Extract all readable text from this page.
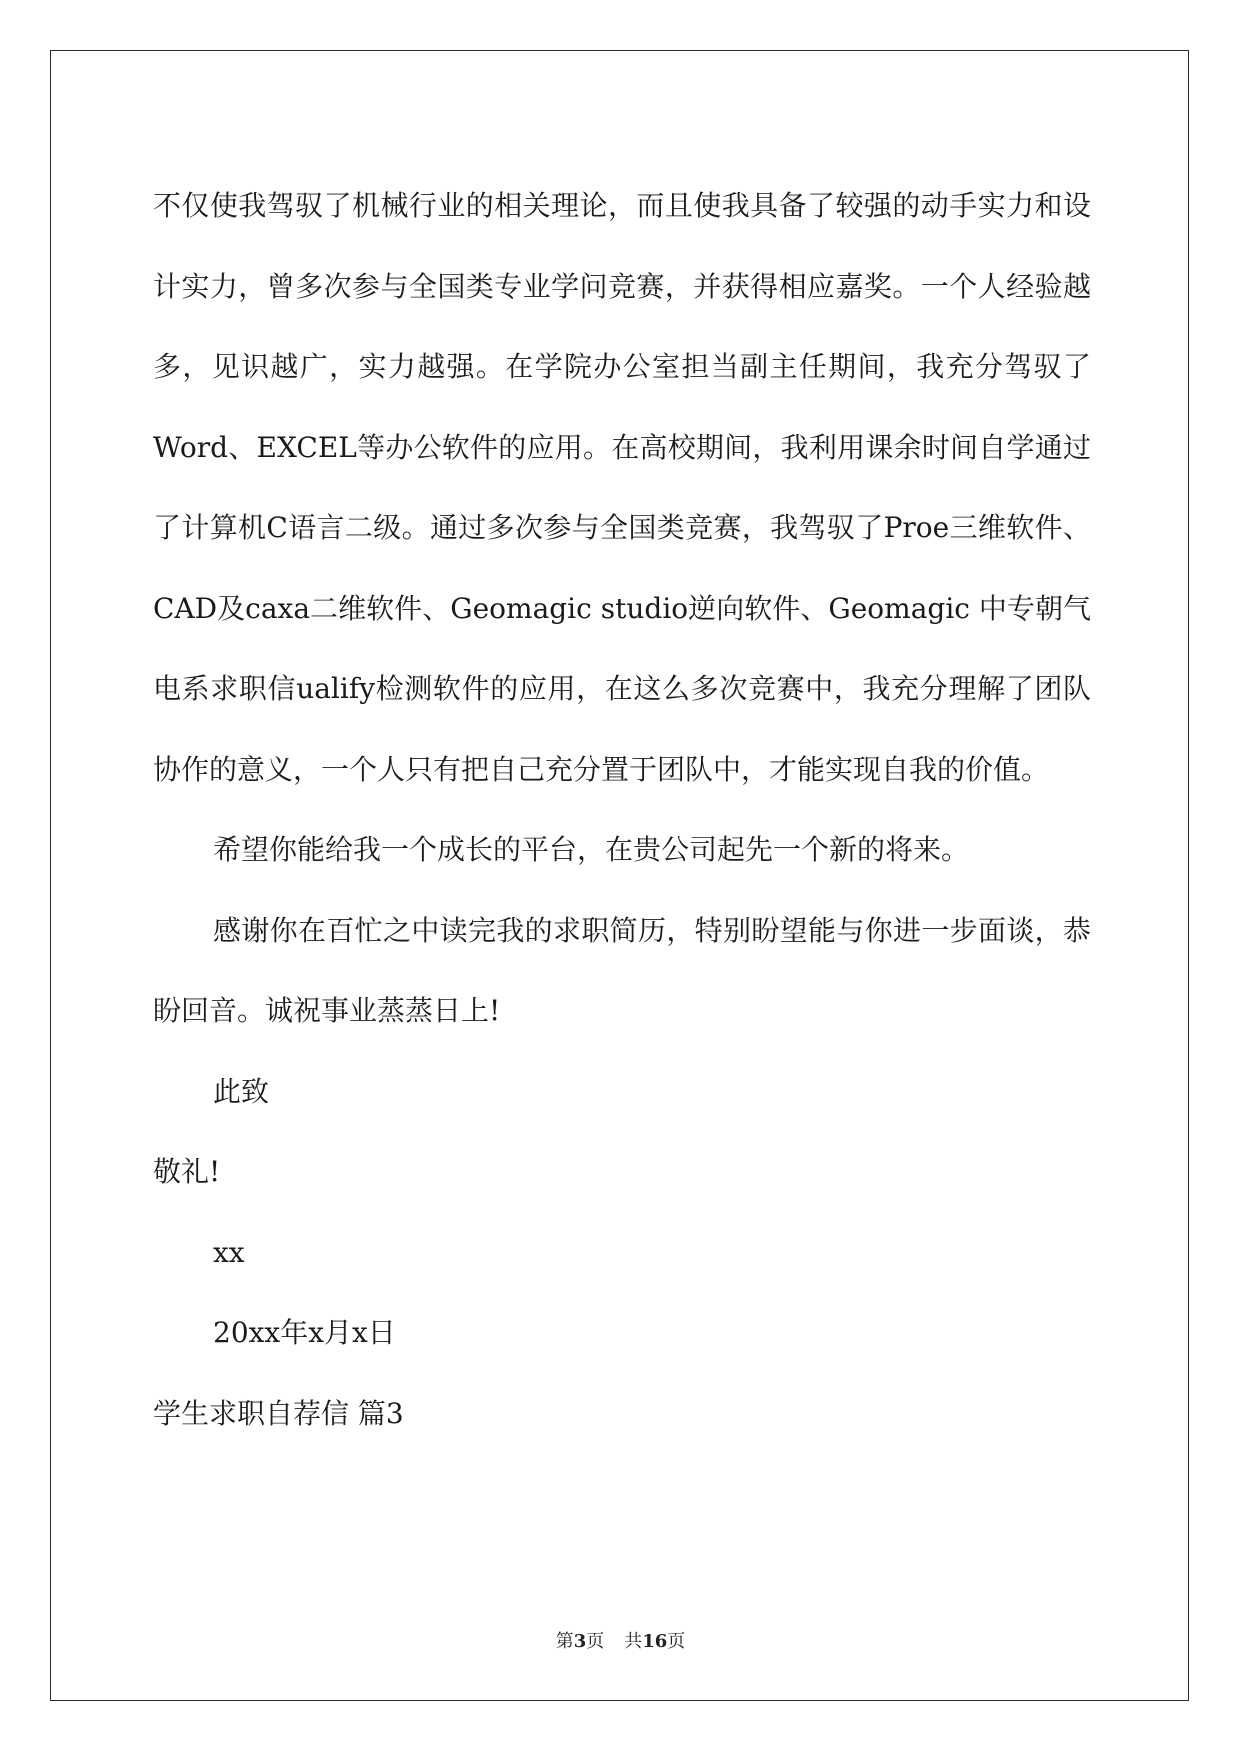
不仅使我驾驭了机械行业的相关理论，而且使我具备了较强的动手实力和设计实力，曾多次参与全国类专业学问竞赛，并获得相应嘉奖。一个人经验越多，见识越广，实力越强。在学院办公室担当副主任期间，我充分驾驭了Word、EXCEL等办公软件的应用。在高校期间，我利用课余时间自学通过了计算机C语言二级。通过多次参与全国类竞赛，我驾驭了Proe三维软件、CAD及caxa二维软件、Geomagic studio逆向软件、Geomagic 中专朝气电系求职信ualify检测软件的应用，在这么多次竞赛中，我充分理解了团队协作的意义，一个人只有把自己充分置于团队中，才能实现自我的价值。

希望你能给我一个成长的平台，在贵公司起先一个新的将来。

感谢你在百忙之中读完我的求职简历，特别盼望能与你进一步面谈，恭盼回音。诚祝事业蒸蒸日上!

此致

敬礼!

xx

20xx年x月x日

学生求职自荐信 篇3

第3页 共16页
